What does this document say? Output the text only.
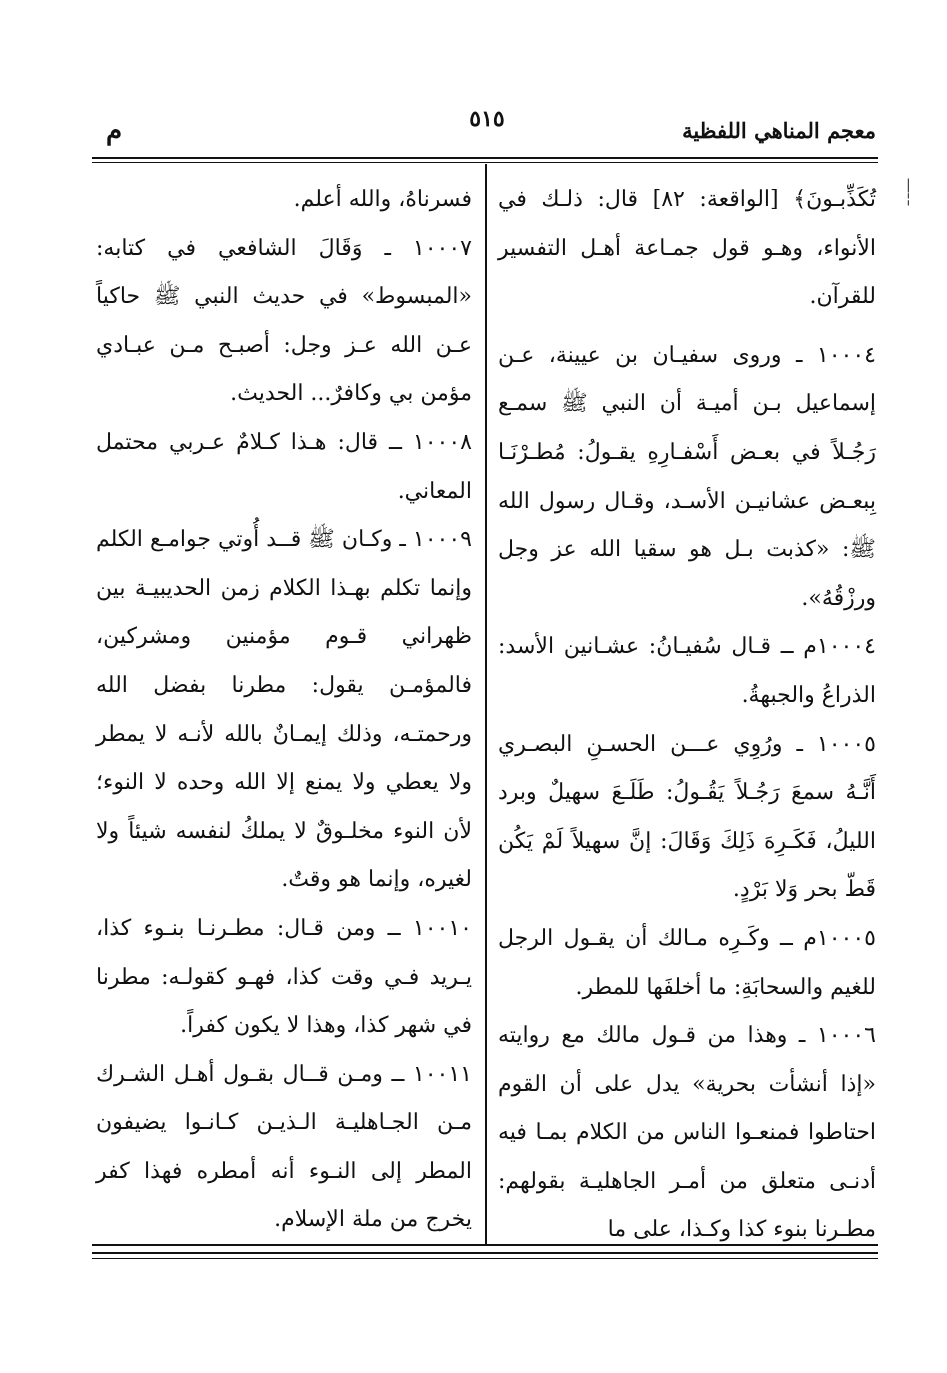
معجم المناهي اللفظية
٥١٥
م
|
¦

تُكَذِّبـونَ﴾ [الواقعة: ٨٢] قال: ذلـك في الأنواء، وهـو قول جمـاعة أهـل التفسير للقرآن.

١٠٠٠٤ ـ وروى سفيـان بن عيينة، عـن إسماعيل بـن أميـة أن النبي ﷺ سمـع رَجُـلاً في بعـض أَسْفـارِهِ يقـولُ: مُطـرْنَـا بِبعـض عشانيـن الأسـد، وقـال رسول الله ﷺ: «كذبت بـل هو سقيا الله عز وجل ورزْقُهُ».

١٠٠٠٤م ــ قـال سُفيـانُ: عشـانين الأسد: الذراعُ والجبهةُ.

١٠٠٠٥ ـ ورُوِي عـــن الحسـنِ البصـري أَنَّـهُ سمعَ رَجُـلاً يَقُـولُ: طَلَـعَ سهيلٌ وبرد الليلُ، فَكَـرِهَ ذَلِكَ وَقَالَ: إنَّ سهيلاً لَمْ يَكُن قَطّ بحر وَلا بَرْدٍ.

١٠٠٠٥م ــ وكَـرِه مـالك أن يقـول الرجل للغيم والسحابَةِ: ما أخلفَها للمطر.

١٠٠٠٦ ـ وهذا من قـول مالك مع روايته «إذا أنشأت بحرية» يدل على أن القوم احتاطوا فمنعـوا الناس من الكلام بمـا فيه أدنـى متعلق من أمـر الجاهليـة بقولهم: مطـرنا بنوء كذا وكـذا، على ما

فسرناهُ، والله أعلم.

١٠٠٠٧ ـ وَقَالَ الشافعي في كتابه: «المبسوط» في حديث النبي ﷺ حاكياً عـن الله عـز وجل: أصبـح مـن عبـادي مؤمن بي وكافرٌ... الحديث.

١٠٠٠٨ ــ قال: هـذا كـلامٌ عـربي محتمل المعاني.

١٠٠٠٩ ـ وكـان ﷺ قــد أُوتي جوامـع الكلم وإنما تكلم بهـذا الكلام زمن الحديبيـة بين ظهراني قـوم مؤمنين ومشركين، فالمؤمـن يقول: مطرنا بفضل الله ورحمتـه، وذلك إيمـانٌ بالله لأنـه لا يمطر ولا يعطي ولا يمنع إلا الله وحده لا النوء؛ لأن النوء مخلـوقٌ لا يملكُ لنفسه شيئاً ولا لغيره، وإنما هو وقتٌ.

١٠٠١٠ ــ ومن قـال: مطـرنـا بنـوء كذا، يـريد فـي وقت كذا، فهـو كقولـه: مطرنا في شهر كذا، وهذا لا يكون كفراً.

١٠٠١١ ــ ومـن قــال بقـول أهـل الشـرك مـن الجـاهليـة الـذيـن كـانـوا يضيفون المطر إلى النـوء أنه أمطره فهذا كفر يخرج من ملة الإسلام.
